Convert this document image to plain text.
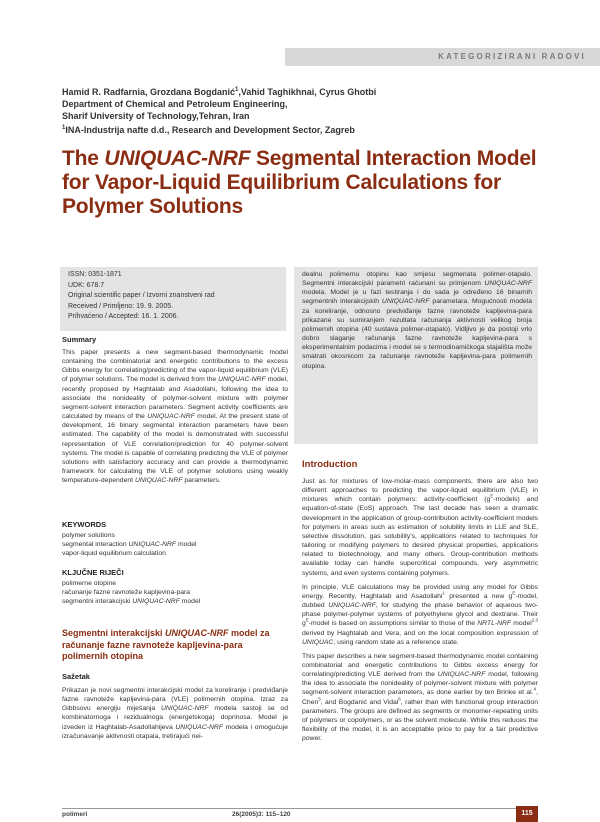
KATEGORIZIRANI RADOVI
Hamid R. Radfarnia, Grozdana Bogdanić$^1$,Vahid Taghikhnai, Cyrus Ghotbi
Department of Chemical and Petroleum Engineering,
Sharif University of Technology,Tehran, Iran
$^1$INA-Industrija nafte d.d., Research and Development Sector, Zagreb
The UNIQUAC-NRF Segmental Interaction Model for Vapor-Liquid Equilibrium Calculations for Polymer Solutions
ISSN: 0351-1871
UDK: 678.7
Original scientific paper / Izvorni znanstveni rad
Received / Primljeno: 19. 9. 2005.
Prihvaćeno / Accepted: 16. 1. 2006.
Summary
This paper presents a new segment-based thermodynamic model containing the combinatorial and energetic contributions to the excess Gibbs energy for correlating/predicting of the vapor-liquid equilibrium (VLE) of polymer solutions. The model is derived from the UNIQUAC-NRF model, recently proposed by Haghtalab and Asadollahi, following the idea to associate the nonideality of polymer-solvent mixture with polymer segment-solvent interaction parameters. Segment activity coefficients are calculated by means of the UNIQUAC-NRF model. At the present state of development, 16 binary segmental interaction parameters have been estimated. The capability of the model is demonstrated with successful representation of VLE correlation/prediction for 40 polymer-solvent systems. The model is capable of correlating predicting the VLE of polymer solutions with satisfactory accuracy and can provide a thermodynamic framework for calculating the VLE of polymer solutions using weakly temperature-dependent UNIQUAC-NRF parameters.
KEYWORDS
polymer solutions
segmental interaction UNIQUAC-NRF model
vapor-liquid equilibrium calculation
KLJUČNE RIJEČI
polimerne otopine
računanje fazne ravnoteže kapljevina-para
segmentni interakcijski UNIQUAC-NRF model
Segmentni interakcijski UNIQUAC-NRF model za računanje fazne ravnoteže kapljevina-para polimernih otopina
Sažetak
Prikazan je novi segmentni interakcijski model za koreliranje i predviđanje fazne ravnoteže kapljevina-para (VLE) polimernih otopina. Izraz za Gibbsovu energiju miješanja UNIQUAC-NRF modela sastoji se od kombinatornoga i rezidualnoga (energetskoga) doprinosa. Model je izveden iz Haghtalab-Asadollahijeva UNIQUAC-NRF modela i omogućuje izračunavanje aktivnosti otapala, tretirajući nei-
dealnu polimernu otopinu kao smjesu segmenata polimer-otapalo. Segmentni interakcijski parametri računani su primjenom UNIQUAC-NRF modela. Model je u fazi testiranja i do sada je određeno 16 binarnih segmentnih interakcijskih UNIQUAC-NRF parametara. Mogućnosti modela za koreliranje, odnosno predviđanje fazne ravnoteže kapljevina-para prikazane su sumiranjem rezultata računanja aktivnosti velikog broja polimernih otopina (40 sustava polimer-otapalo). Vidljivo je da postoji vrlo dobro slaganje računanja fazne ravnoteže kapljevina-para s eksperimentalnim podacima i model se s termodinamičkoga stajališta može smatrati okosnicom za računanje ravnoteže kapljevina-para polimernih otopina.
Introduction

Just as for mixtures of low-molar-mass components, there are also two different approaches to predicting the vapor-liquid equilibrium (VLE) in mixtures which contain polymers: activity-coefficient $(g^E-models)$ and equation-of-state (EoS) approach. The last decade has seen a dramatic development in the application of group-contribution activity-coefficient models for polymers in areas such as estimation of solubility limits in LLE and SLE, selective dissolution, gas solubility's, applications related to techniques for tailoring or modifying polymers to desired physical properties, applications related to biotechnology, and many others. Group-contribution methods available today can handle supercritical compounds, very asymmetric systems, and even systems containing polymers.

In principle, VLE calculations may be provided using any model for Gibbs energy. Recently, Haghtalab and Asadollahi$^1$ presented a new $g^E$-model, dubbed UNIQUAC-NRF, for studying the phase behavior of aqueous two-phase polymer-polymer systems of polyethylene glycol and dextrane. Their $g^E$-model is based on assumptions similar to those of the NRTL-NRF model$^{2,3}$ derived by Haghtalab and Vera, and on the local composition expression of UNIQUAC, using random state as a reference state.

This paper describes a new segment-based thermodynamic model containing combinatorial and energetic contributions to Gibbs excess energy for correlating/predicting VLE derived from the UNIQUAC-NRF model, following the idea to associate the nonideality of polymer-solvent mixture with polymer segment-solvent interaction parameters, as done earlier by ten Brinke et al.$^4$, Chen$^5$, and Bogdanić and Vidal$^6$, rather than with functional group interaction parameters. The groups are defined as segments or monomer-repeating units of polymers or copolymers, or as the solvent molecule. While this reduces the flexibility of the model, it is an acceptable price to pay for a fair predictive power.

polimeri	26(2005)3: 115–120	115
